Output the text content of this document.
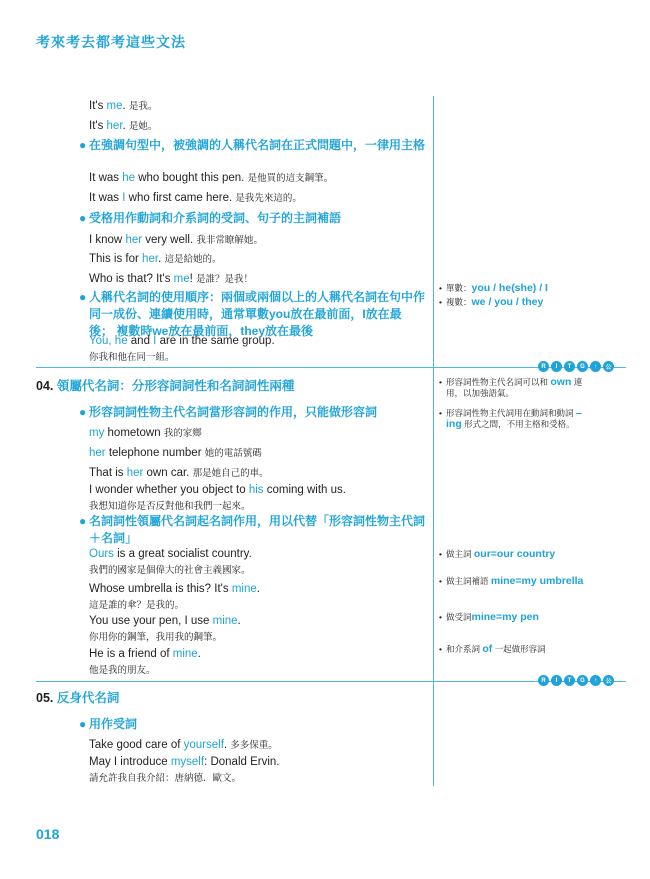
考來考去都考這些文法
R	I	T	G	↑	公
R	I	T	G	↑	公
It's me. 是我。
It's her. 是她。
● 在強調句型中，被強調的人稱代名詞在正式問題中，一律用主格
It was he who bought this pen. 是他買的這支鋼筆。
It was I who first came here. 是我先來這的。
● 受格用作動詞和介系詞的受詞、句子的主詞補語
I know her very well. 我非常瞭解她。
This is for her. 這是給她的。
Who is that? It's me! 是誰？是我！
● 人稱代名詞的使用順序：兩個或兩個以上的人稱代名詞在句中作同一成份、連續使用時，通常單數you放在最前面，I放在最後； 複數時we放在最前面，they放在最後
You, he and I are in the same group.
你我和他在同一組。
● 形容詞詞性物主代名詞當形容詞的作用，只能做形容詞
my hometown 我的家鄉
her telephone number 她的電話號碼
That is her own car. 那是她自己的車。
I wonder whether you object to his coming with us.
我想知道你是否反對他和我們一起來。
● 名詞詞性領屬代名詞起名詞作用，用以代替「形容詞性物主代詞＋名詞」
Ours is a great socialist country.
我們的國家是個偉大的社會主義國家。
Whose umbrella is this? It's mine.
這是誰的傘？是我的。
You use your pen, I use mine.
你用你的鋼筆，我用我的鋼筆。
He is a friend of mine.
他是我的朋友。
● 用作受詞
Take good care of yourself. 多多保重。
May I introduce myself: Donald Ervin.
請允許我自我介紹：唐納德．歐文。
04. 領屬代名詞：分形容詞詞性和名詞詞性兩種
05. 反身代名詞
• 單數：you / he(she) / I
• 複數：we / you / they
• 形容詞性物主代名詞可以和 own 連用，以加強語氣。
• 形容詞性物主代詞用在動詞和動詞 –ing 形式之間，不用主格和受格。
• 做主詞 our=our country
• 做主詞補語 mine=my umbrella
• 做受詞mine=my pen
• 和介系詞 of 一起做形容詞
018
